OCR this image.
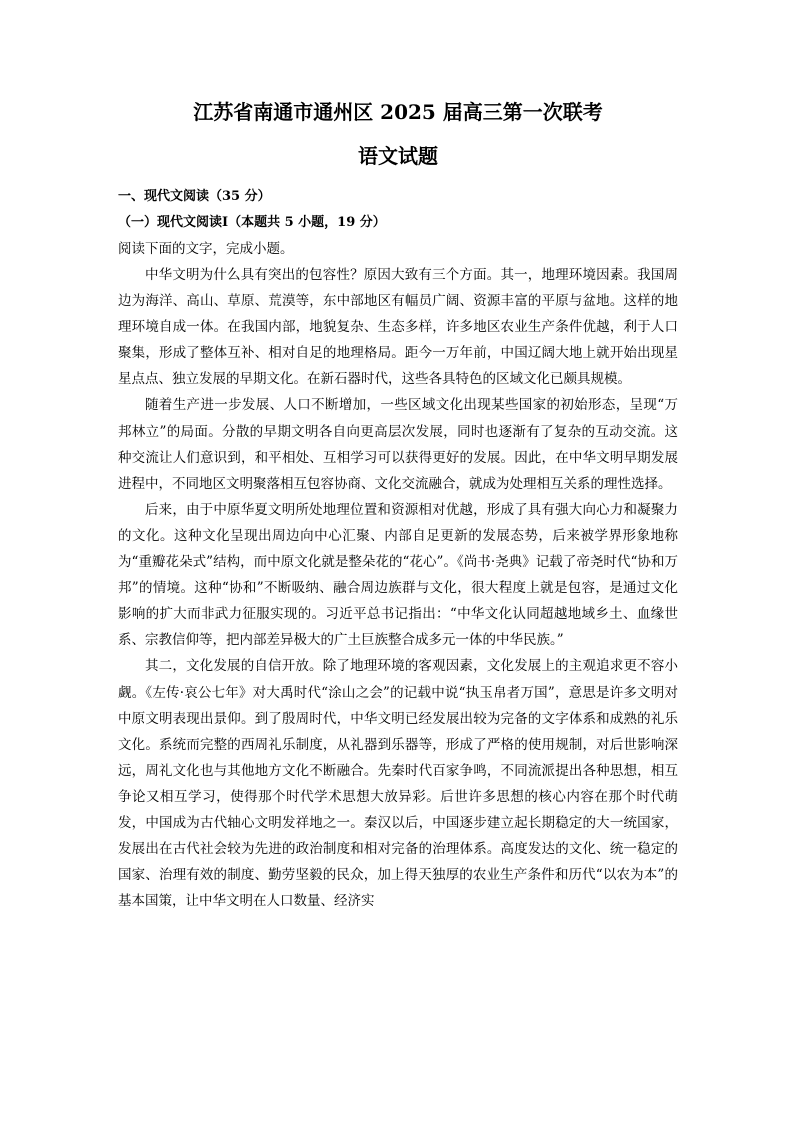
江苏省南通市通州区 2025 届高三第一次联考
语文试题

一、现代文阅读（35 分）

（一）现代文阅读Ⅰ（本题共 5 小题，19 分）

阅读下面的文字，完成小题。

中华文明为什么具有突出的包容性？原因大致有三个方面。其一，地理环境因素。我国周边为海洋、高山、草原、荒漠等，东中部地区有幅员广阔、资源丰富的平原与盆地。这样的地理环境自成一体。在我国内部，地貌复杂、生态多样，许多地区农业生产条件优越，利于人口聚集，形成了整体互补、相对自足的地理格局。距今一万年前，中国辽阔大地上就开始出现星星点点、独立发展的早期文化。在新石器时代，这些各具特色的区域文化已颇具规模。

随着生产进一步发展、人口不断增加，一些区域文化出现某些国家的初始形态，呈现“万邦林立”的局面。分散的早期文明各自向更高层次发展，同时也逐渐有了复杂的互动交流。这种交流让人们意识到，和平相处、互相学习可以获得更好的发展。因此，在中华文明早期发展进程中，不同地区文明聚落相互包容协商、文化交流融合，就成为处理相互关系的理性选择。

后来，由于中原华夏文明所处地理位置和资源相对优越，形成了具有强大向心力和凝聚力的文化。这种文化呈现出周边向中心汇聚、内部自足更新的发展态势，后来被学界形象地称为“重瓣花朵式”结构，而中原文化就是整朵花的“花心”。《尚书·尧典》记载了帝尧时代“协和万邦”的情境。这种“协和”不断吸纳、融合周边族群与文化，很大程度上就是包容，是通过文化影响的扩大而非武力征服实现的。习近平总书记指出：“中华文化认同超越地域乡土、血缘世系、宗教信仰等，把内部差异极大的广土巨族整合成多元一体的中华民族。”

其二，文化发展的自信开放。除了地理环境的客观因素，文化发展上的主观追求更不容小觑。《左传·哀公七年》对大禹时代“涂山之会”的记载中说“执玉帛者万国”，意思是许多文明对中原文明表现出景仰。到了殷周时代，中华文明已经发展出较为完备的文字体系和成熟的礼乐文化。系统而完整的西周礼乐制度，从礼器到乐器等，形成了严格的使用规制，对后世影响深远，周礼文化也与其他地方文化不断融合。先秦时代百家争鸣，不同流派提出各种思想，相互争论又相互学习，使得那个时代学术思想大放异彩。后世许多思想的核心内容在那个时代萌发，中国成为古代轴心文明发祥地之一。秦汉以后，中国逐步建立起长期稳定的大一统国家，发展出在古代社会较为先进的政治制度和相对完备的治理体系。高度发达的文化、统一稳定的国家、治理有效的制度、勤劳坚毅的民众，加上得天独厚的农业生产条件和历代“以农为本”的基本国策，让中华文明在人口数量、经济实
